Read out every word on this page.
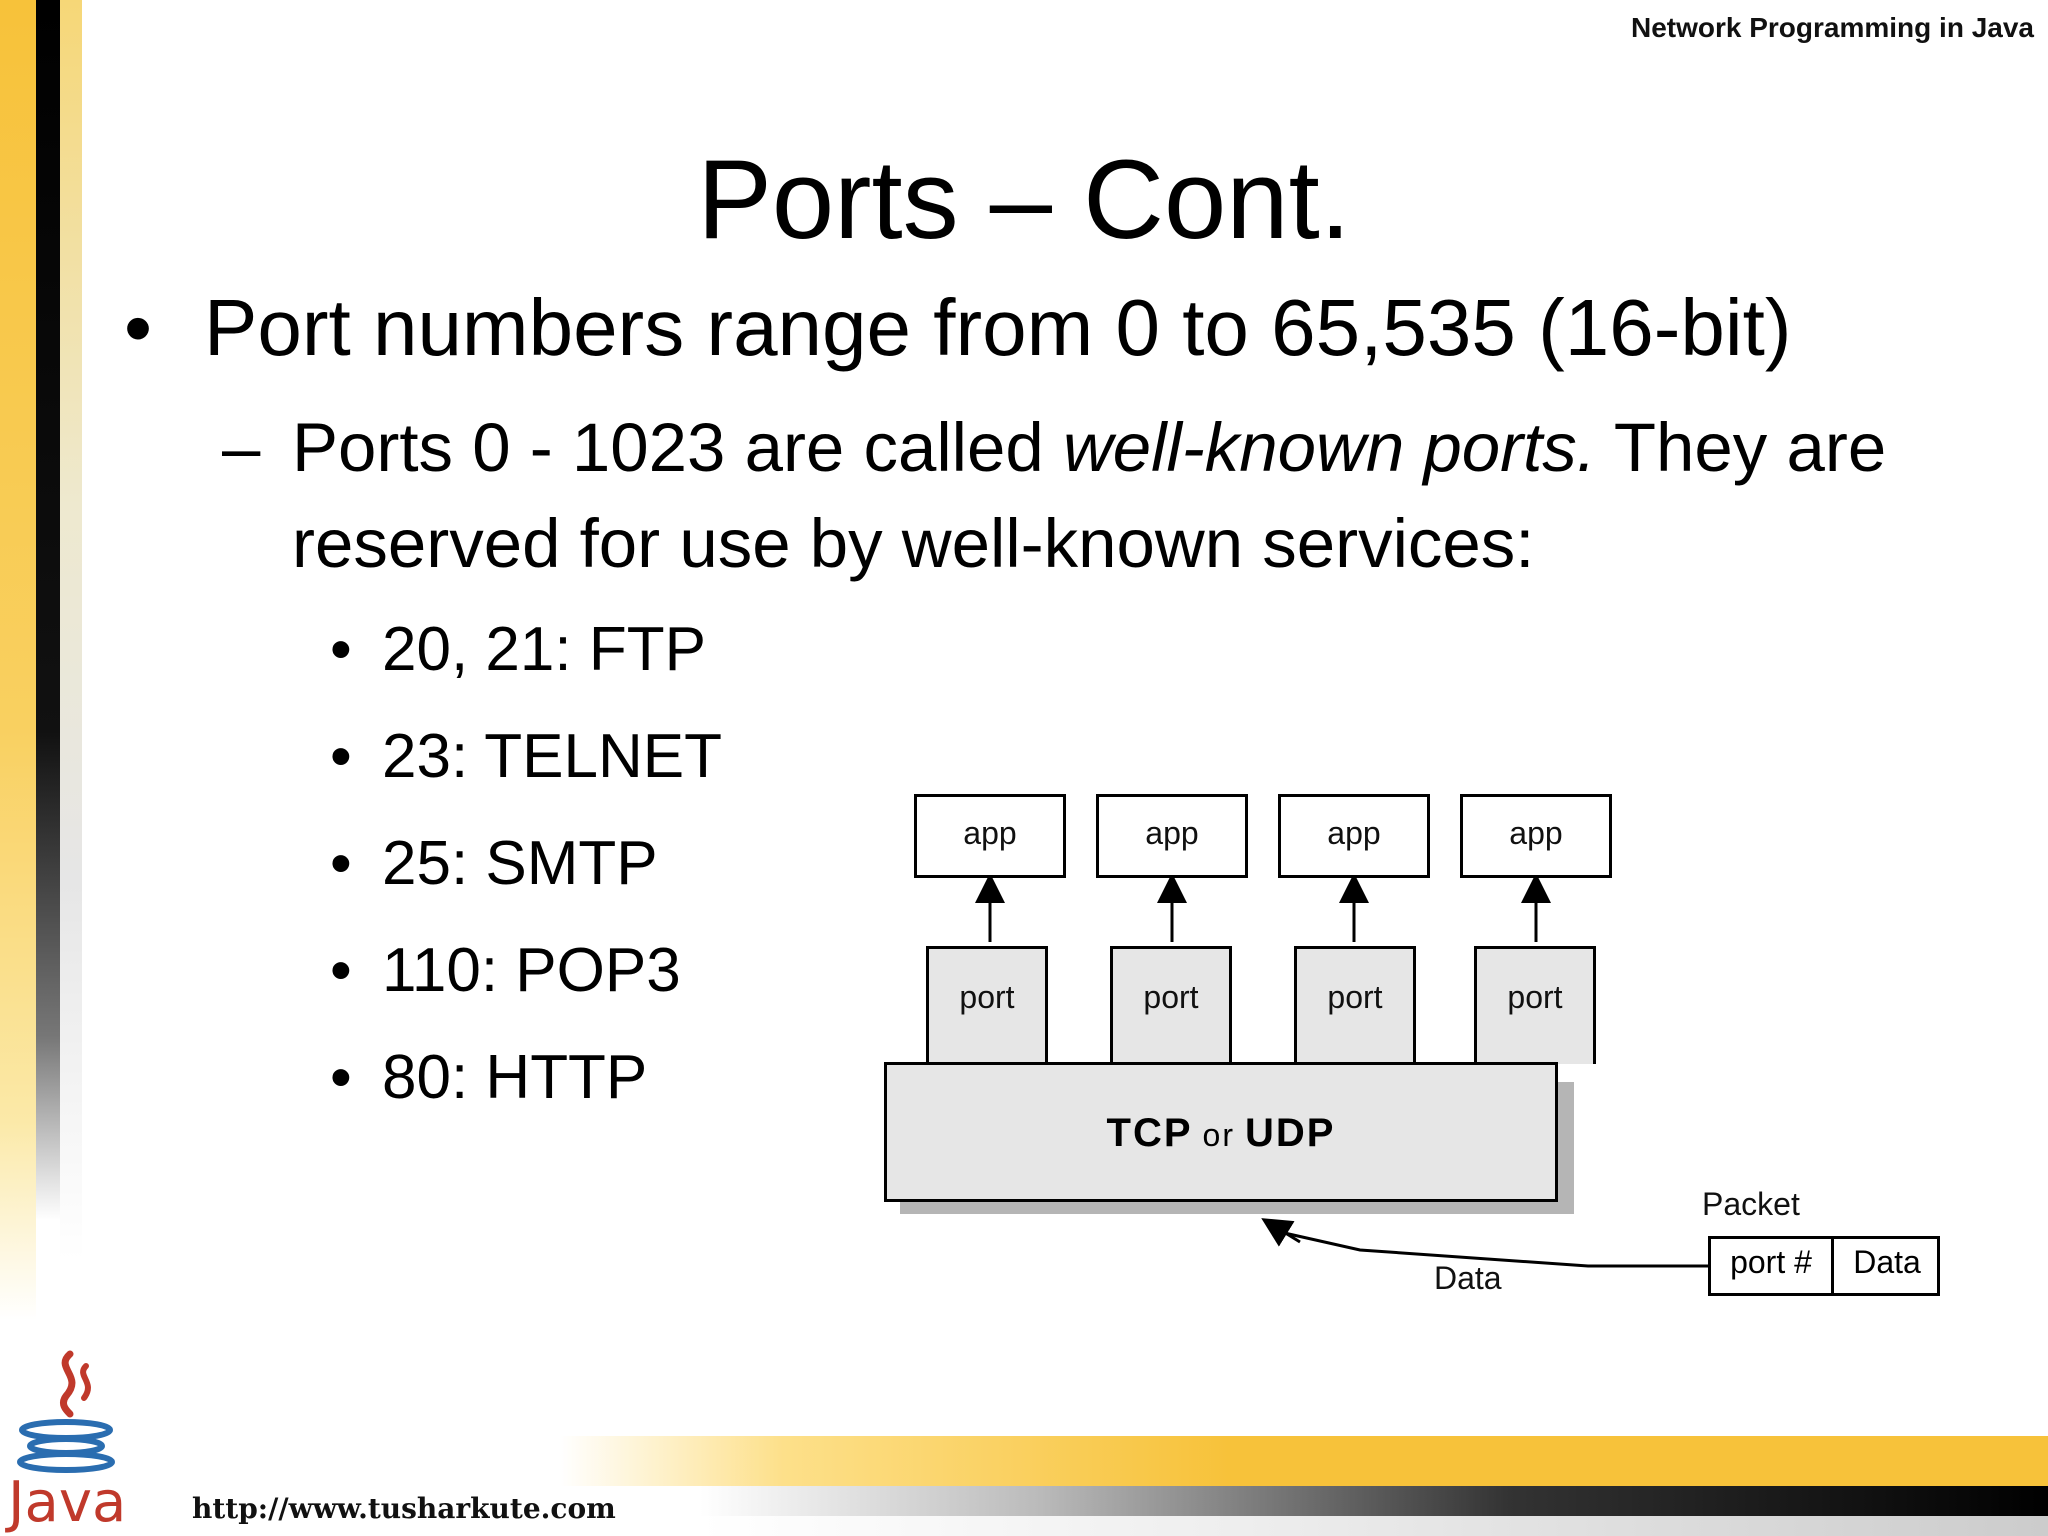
Network Programming in Java
Ports – Cont.
• Port numbers range from 0 to 65,535 (16-bit)
– Ports 0 - 1023 are called well-known ports. They are reserved for use by well-known services:
• 20, 21: FTP
• 23: TELNET
• 25: SMTP
• 110: POP3
• 80: HTTP
app	app	app	app
port	port	port	port
TCP or UDP
Data
Packet
port #	Data
Java http://www.tusharkute.com
